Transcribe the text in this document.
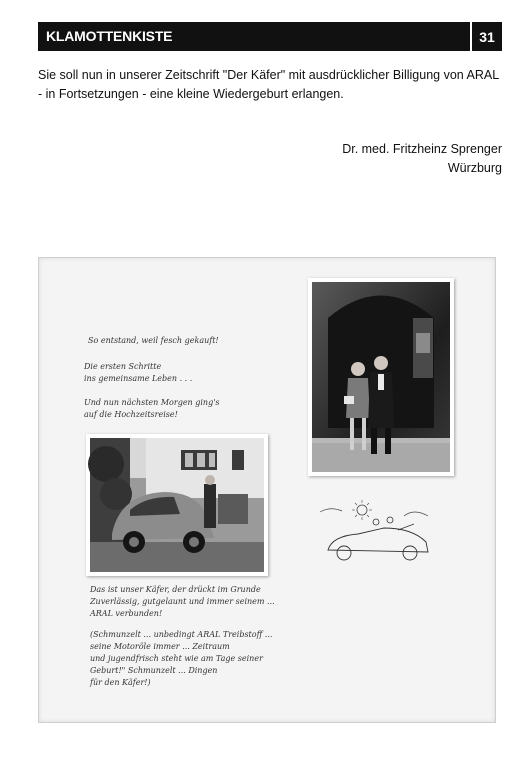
KLAMOTTENKISTE	31
Sie soll nun in unserer Zeitschrift "Der Käfer" mit ausdrücklicher Billigung von ARAL
- in Fortsetzungen - eine kleine Wiedergeburt erlangen.
Dr. med. Fritzheinz Sprenger
Würzburg
So entstand, weil fesch gekauft!
Die ersten Schritte
ins gemeinsame Leben . . .
Und nun nächsten Morgen ging's
auf die Hochzeitsreise!
Das ist unser Käfer, der drückt im Grunde
Zuverlässig, gutgelaunt und immer seinem ...
ARAL verbunden!
(Schmunzelt ... unbedingt ARAL Treibstoff ...
seine Motoröle immer ... Zeitraum
und jugendfrisch steht wie am Tage seiner
Geburt!" Schmunzelt ... Dingen
für den Käfer!)
